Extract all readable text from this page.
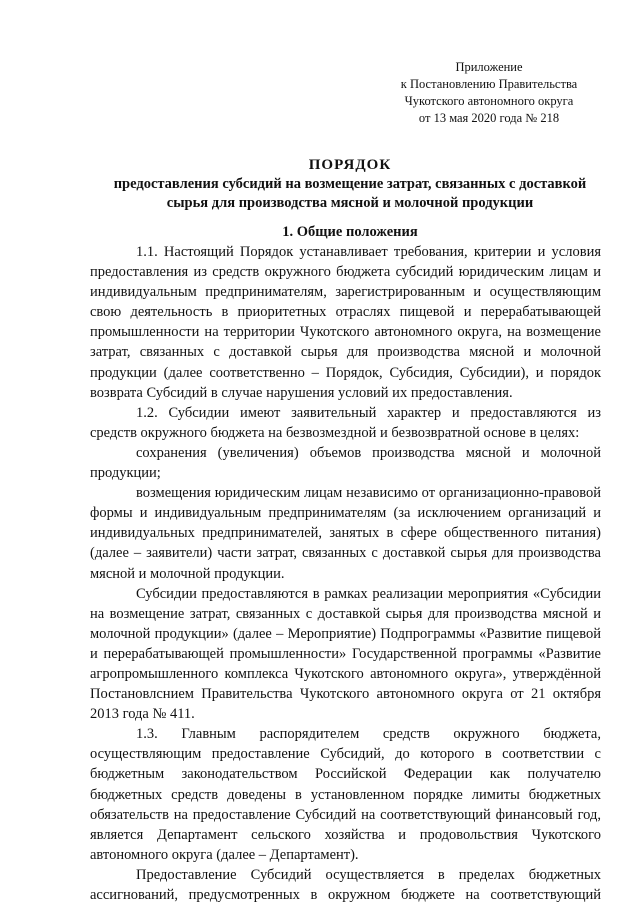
Приложение
к Постановлению Правительства
Чукотского автономного округа
от 13 мая 2020 года № 218
ПОРЯДОК
предоставления субсидий на возмещение затрат, связанных с доставкой
сырья для производства мясной и молочной продукции
1. Общие положения

1.1. Настоящий Порядок устанавливает требования, критерии и условия предоставления из средств окружного бюджета субсидий юридическим лицам и индивидуальным предпринимателям, зарегистрированным и осуществляющим свою деятельность в приоритетных отраслях пищевой и перерабатывающей промышленности на территории Чукотского автономного округа, на возмещение затрат, связанных с доставкой сырья для производства мясной и молочной продукции (далее соответственно – Порядок, Субсидия, Субсидии), и порядок возврата Субсидий в случае нарушения условий их предоставления.

1.2. Субсидии имеют заявительный характер и предоставляются из средств окружного бюджета на безвозмездной и безвозвратной основе в целях:

сохранения (увеличения) объемов производства мясной и молочной продукции;

возмещения юридическим лицам независимо от организационно-правовой формы и индивидуальным предпринимателям (за исключением организаций и индивидуальных предпринимателей, занятых в сфере общественного питания) (далее – заявители) части затрат, связанных с доставкой сырья для производства мясной и молочной продукции.

Субсидии предоставляются в рамках реализации мероприятия «Субсидии на возмещение затрат, связанных с доставкой сырья для производства мясной и молочной продукции» (далее – Мероприятие) Подпрограммы «Развитие пищевой и перерабатывающей промышленности» Государственной программы «Развитие агропромышленного комплекса Чукотского автономного округа», утверждённой Постановлснием Правительства Чукотского автономного округа от 21 октября 2013 года № 411.

1.3. Главным распорядителем средств окружного бюджета, осуществляющим предоставление Субсидий, до которого в соответствии с бюджетным законодательством Российской Федерации как получателю бюджетных средств доведены в установленном порядке лимиты бюджетных обязательств на предоставление Субсидий на соответствующий финансовый год, является Департамент сельского хозяйства и продовольствия Чукотского автономного округа (далее – Департамент).

Предоставление Субсидий осуществляется в пределах бюджетных ассигнований, предусмотренных в окружном бюджете на соответствующий
